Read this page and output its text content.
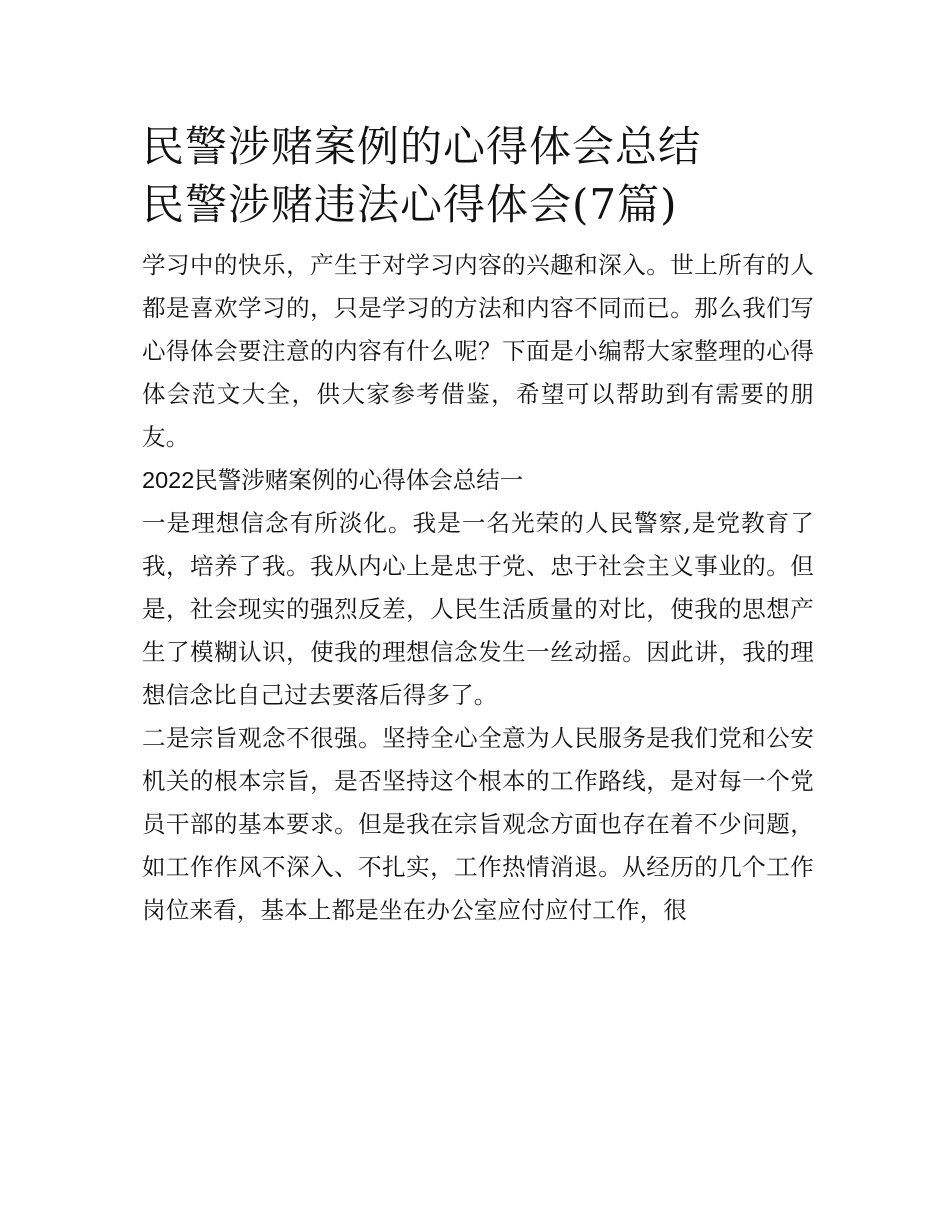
民警涉赌案例的心得体会总结
民警涉赌违法心得体会(7篇)

学习中的快乐，产生于对学习内容的兴趣和深入。世上所有的人都是喜欢学习的，只是学习的方法和内容不同而已。那么我们写心得体会要注意的内容有什么呢？下面是小编帮大家整理的心得体会范文大全，供大家参考借鉴，希望可以帮助到有需要的朋友。

2022民警涉赌案例的心得体会总结一

一是理想信念有所淡化。我是一名光荣的人民警察,是党教育了我，培养了我。我从内心上是忠于党、忠于社会主义事业的。但是，社会现实的强烈反差，人民生活质量的对比，使我的思想产生了模糊认识，使我的理想信念发生一丝动摇。因此讲，我的理想信念比自己过去要落后得多了。

二是宗旨观念不很强。坚持全心全意为人民服务是我们党和公安机关的根本宗旨，是否坚持这个根本的工作路线，是对每一个党员干部的基本要求。但是我在宗旨观念方面也存在着不少问题，如工作作风不深入、不扎实，工作热情消退。从经历的几个工作岗位来看，基本上都是坐在办公室应付应付工作，很
